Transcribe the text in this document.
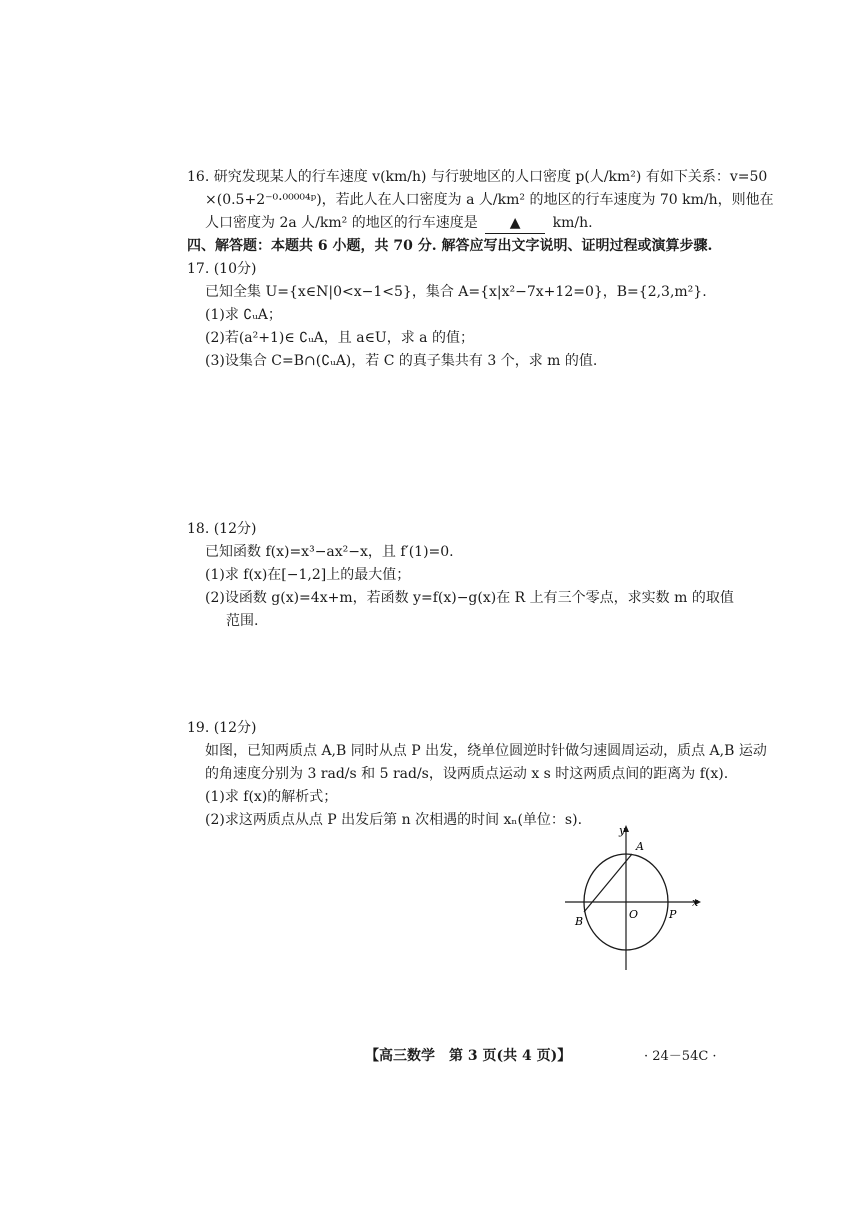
16. 研究发现某人的行车速度 v(km/h) 与行驶地区的人口密度 p(人/km²) 有如下关系：v=50
×(0.5+2⁻⁰·⁰⁰⁰⁰⁴ᵖ)，若此人在人口密度为 a 人/km² 的地区的行车速度为 70 km/h，则他在
人口密度为 2a 人/km² 的地区的行车速度是 ▲ km/h.
四、解答题：本题共 6 小题，共 70 分. 解答应写出文字说明、证明过程或演算步骤.
17. (10分)
已知全集 U={x∈N|0<x−1<5}，集合 A={x|x²−7x+12=0}，B={2,3,m²}.
(1)求 ∁ᵤA；
(2)若(a²+1)∈ ∁ᵤA，且 a∈U，求 a 的值；
(3)设集合 C=B∩(∁ᵤA)，若 C 的真子集共有 3 个，求 m 的值.
18. (12分)
已知函数 f(x)=x³−ax²−x，且 f′(1)=0.
(1)求 f(x)在[−1,2]上的最大值；
(2)设函数 g(x)=4x+m，若函数 y=f(x)−g(x)在 R 上有三个零点，求实数 m 的取值
范围.
19. (12分)
如图，已知两质点 A,B 同时从点 P 出发，绕单位圆逆时针做匀速圆周运动，质点 A,B 运动
的角速度分别为 3 rad/s 和 5 rad/s，设两质点运动 x s 时这两质点间的距离为 f(x).
(1)求 f(x)的解析式；
(2)求这两质点从点 P 出发后第 n 次相遇的时间 xₙ(单位：s).
y
x
A
B
O	P
【高三数学　第 3 页(共 4 页)】	· 24－54C ·
